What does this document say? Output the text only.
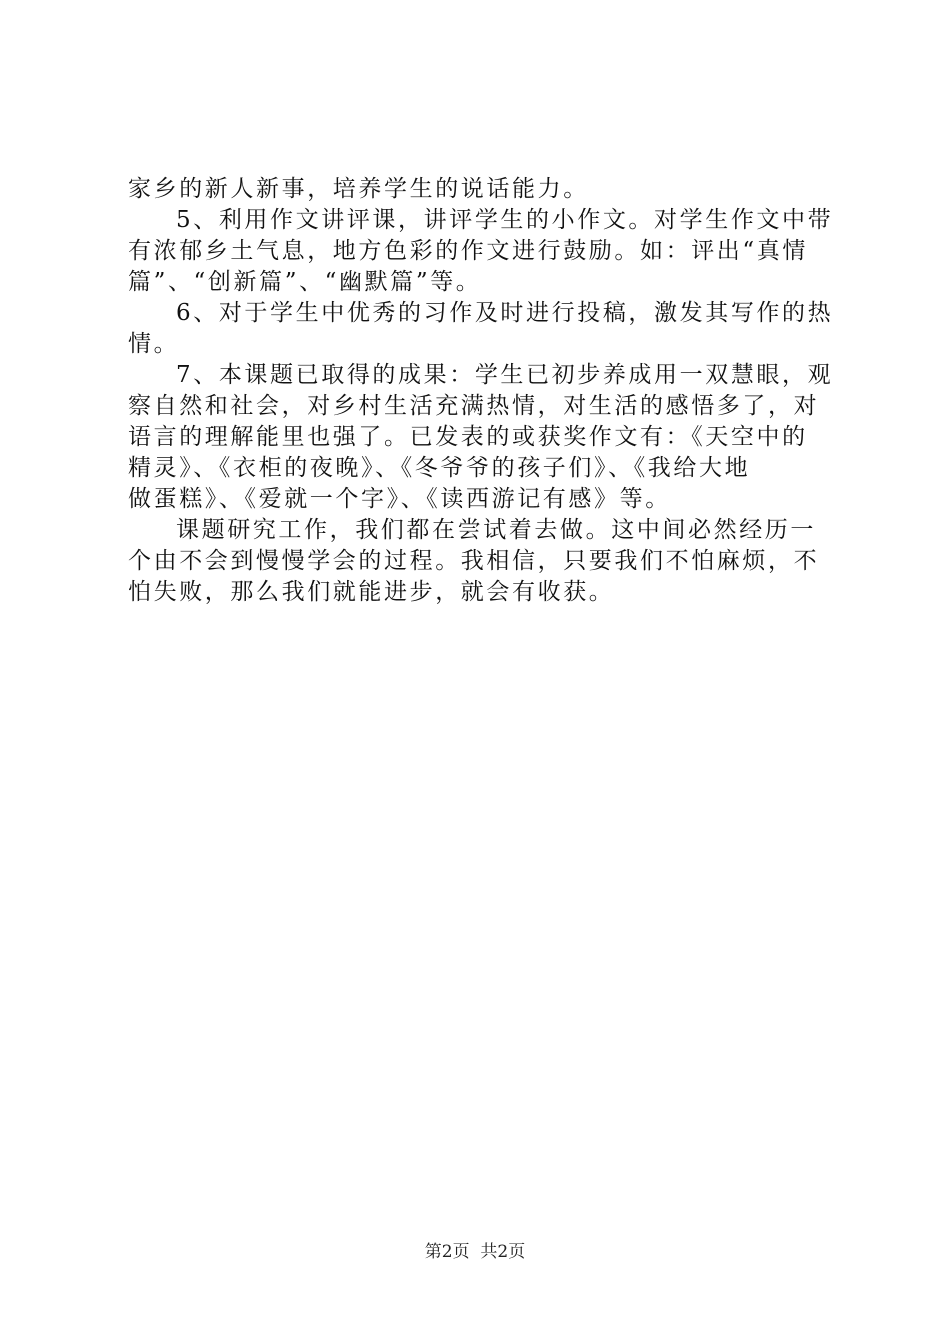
家乡的新人新事，培养学生的说话能力。
5、利用作文讲评课，讲评学生的小作文。对学生作文中带
有浓郁乡土气息，地方色彩的作文进行鼓励。如：评出“真情
篇”、“创新篇”、“幽默篇”等。
6、对于学生中优秀的习作及时进行投稿，激发其写作的热
情。
7、本课题已取得的成果：学生已初步养成用一双慧眼，观
察自然和社会，对乡村生活充满热情，对生活的感悟多了，对
语言的理解能里也强了。已发表的或获奖作文有：《天空中的
精灵》、《衣柜的夜晚》、《冬爷爷的孩子们》、《我给大地
做蛋糕》、《爱就一个字》、《读西游记有感》等。
课题研究工作，我们都在尝试着去做。这中间必然经历一
个由不会到慢慢学会的过程。我相信，只要我们不怕麻烦，不
怕失败，那么我们就能进步，就会有收获。
第2页  共2页
